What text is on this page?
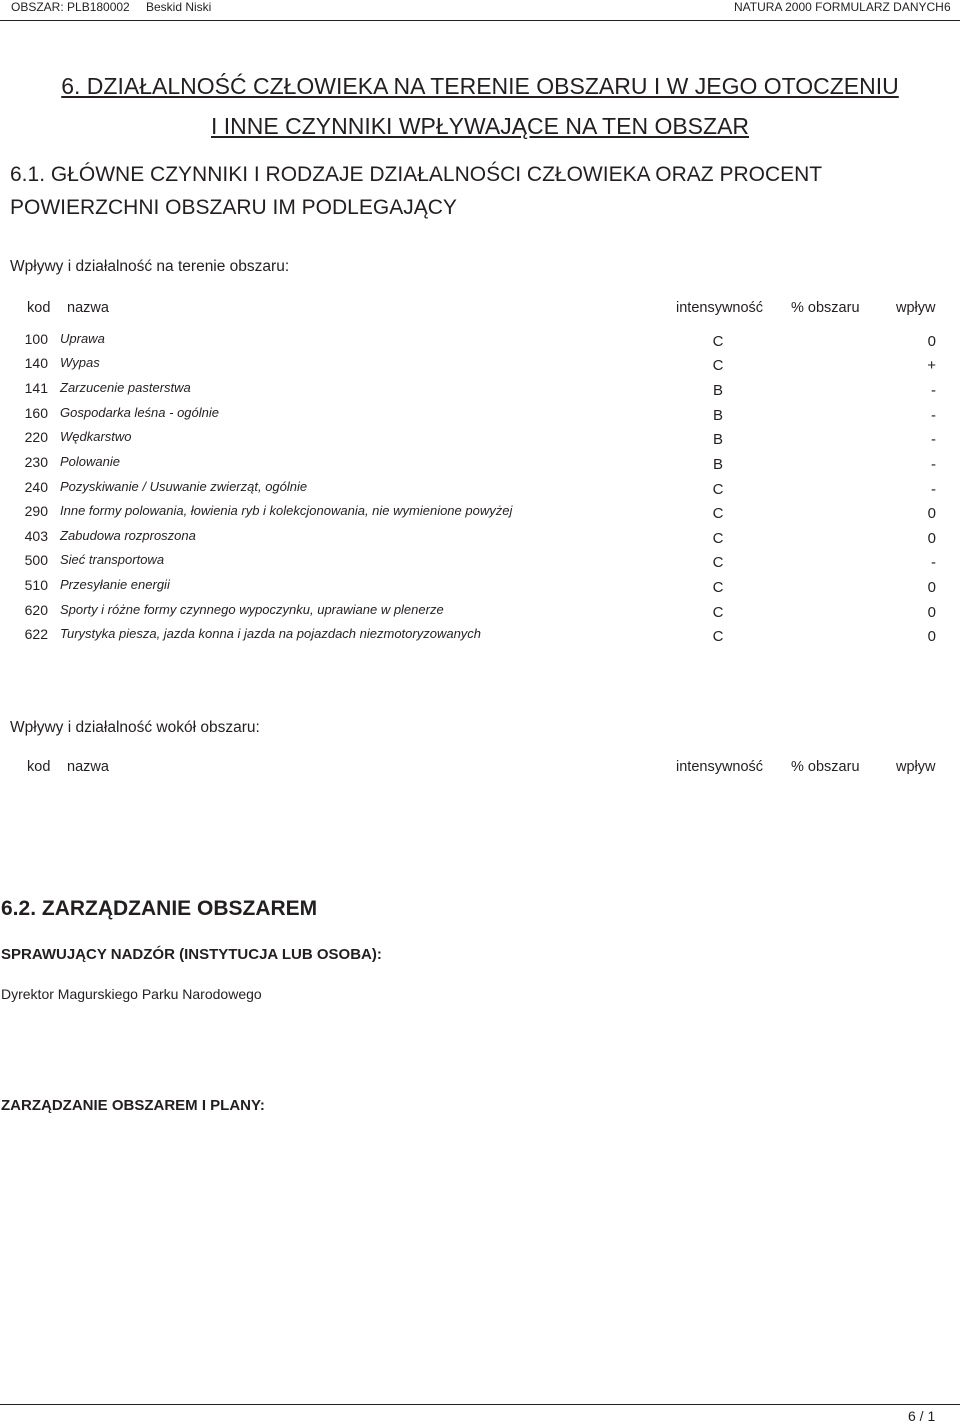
OBSZAR: PLB180002 Beskid Niski	NATURA 2000 FORMULARZ DANYCH 6
6. DZIAŁALNOŚĆ CZŁOWIEKA NA TERENIE OBSZARU I W JEGO OTOCZENIU
I INNE CZYNNIKI WPŁYWAJĄCE NA TEN OBSZAR
6.1. GŁÓWNE CZYNNIKI I RODZAJE DZIAŁALNOŚCI CZŁOWIEKA ORAZ PROCENT
POWIERZCHNI OBSZARU IM PODLEGAJĄCY
Wpływy i działalność na terenie obszaru:
kod nazwa	intensywność % obszaru	wpływ
100 Uprawa	C	0
140 Wypas	C	+
141 Zarzucenie pasterstwa	B	-
160 Gospodarka leśna - ogólnie	B	-
220 Wędkarstwo	B	-
230 Polowanie	B	-
240 Pozyskiwanie / Usuwanie zwierząt, ogólnie	C	-
290 Inne formy polowania, łowienia ryb i kolekcjonowania, nie wymienione powyżej	C	0
403 Zabudowa rozproszona	C	0
500 Sieć transportowa	C	-
510 Przesyłanie energii	C	0
620 Sporty i różne formy czynnego wypoczynku, uprawiane w plenerze	C	0
622 Turystyka piesza, jazda konna i jazda na pojazdach niezmotoryzowanych	C	0
Wpływy i działalność wokół obszaru:
kod nazwa	intensywność % obszaru	wpływ
6.2. ZARZĄDZANIE OBSZAREM
SPRAWUJĄCY NADZÓR (INSTYTUCJA LUB OSOBA):
Dyrektor Magurskiego Parku Narodowego
ZARZĄDZANIE OBSZAREM I PLANY:
6 / 1
